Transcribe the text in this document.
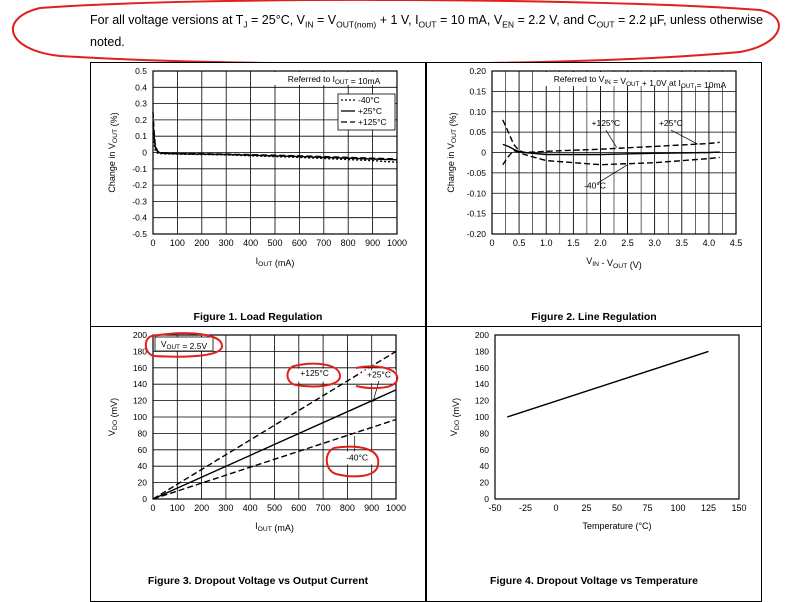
For all voltage versions at $T_J = 25^\circ C$, $V_{IN} = V_{OUT(nom)} + 1$ V, $I_{OUT} = 10$ mA, $V_{EN} = 2.2$ V, and $C_{OUT} = 2.2$ µF, unless otherwise noted.
0 100 200 300 400 500 600 700 800 900 1000
-0.5
-0.4
-0.3
-0.2
-0.1
0
0.1
0.2
0.3
0.4
0.5
$I_{OUT}$ (mA)
Change in $V_{OUT}$ (%)
Referred to $I_{OUT} = 10mA$
-40°C
+25°C
+125°C
Figure 1. Load Regulation
0 0.5 1.0 1.5 2.0 2.5 3.0 3.5 4.0 4.5
-0.20
-0.15
-0.10
-0.05
0
0.05
0.10
0.15
0.20
$V_{IN} - V_{OUT}$ (V)
Change in $V_{OUT}$ (%)
Referred to $V_{IN} = V_{OUT} + 1.0V$ at $I_{OUT} = 10mA$
+125°C	+25°C
-40°C
Figure 2. Line Regulation
0 100 200 300 400 500 600 700 800 900 1000
0
20
40
60
80
100
120
140
160
180
200
$I_{OUT}$ (mA)
$V_{DO}$ (mV)
$V_{OUT} = 2.5V$
+125°C	+25°C
-40°C
Figure 3. Dropout Voltage vs Output Current
-50 -25 0	25 50 75 100 125 150
0
20
40
60
80
100
120
140
160
180
200
Temperature (°C)
$V_{DO}$ (mV)
Figure 4. Dropout Voltage vs Temperature
